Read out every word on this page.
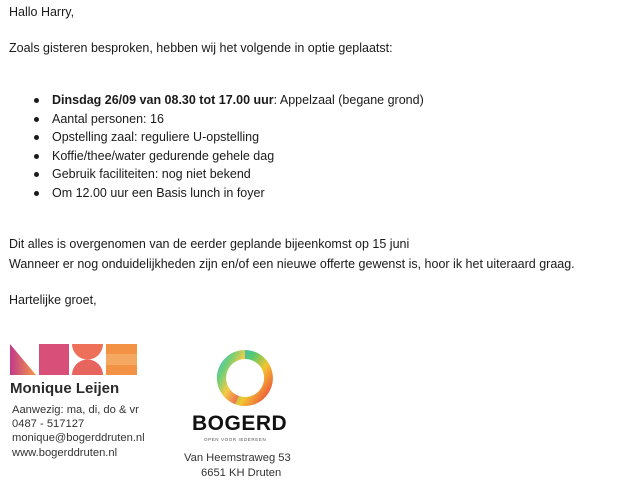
Hallo Harry,
Zoals gisteren besproken, hebben wij het volgende in optie geplaatst:
Dinsdag 26/09 van 08.30 tot 17.00 uur: Appelzaal (begane grond)
Aantal personen: 16
Opstelling zaal: reguliere U-opstelling
Koffie/thee/water gedurende gehele dag
Gebruik faciliteiten: nog niet bekend
Om 12.00 uur een Basis lunch in foyer
Dit alles is overgenomen van de eerder geplande bijeenkomst op 15 juni
Wanneer er nog onduidelijkheden zijn en/of een nieuwe offerte gewenst is, hoor ik het uiteraard graag.
Hartelijke groet,
Monique Leijen
Aanwezig: ma, di, do & vr
0487 - 517127
monique@bogerddruten.nl
www.bogerddruten.nl
BOGERD
OPEN VOOR IEDEREEN
Van Heemstraweg 53
6651 KH Druten
